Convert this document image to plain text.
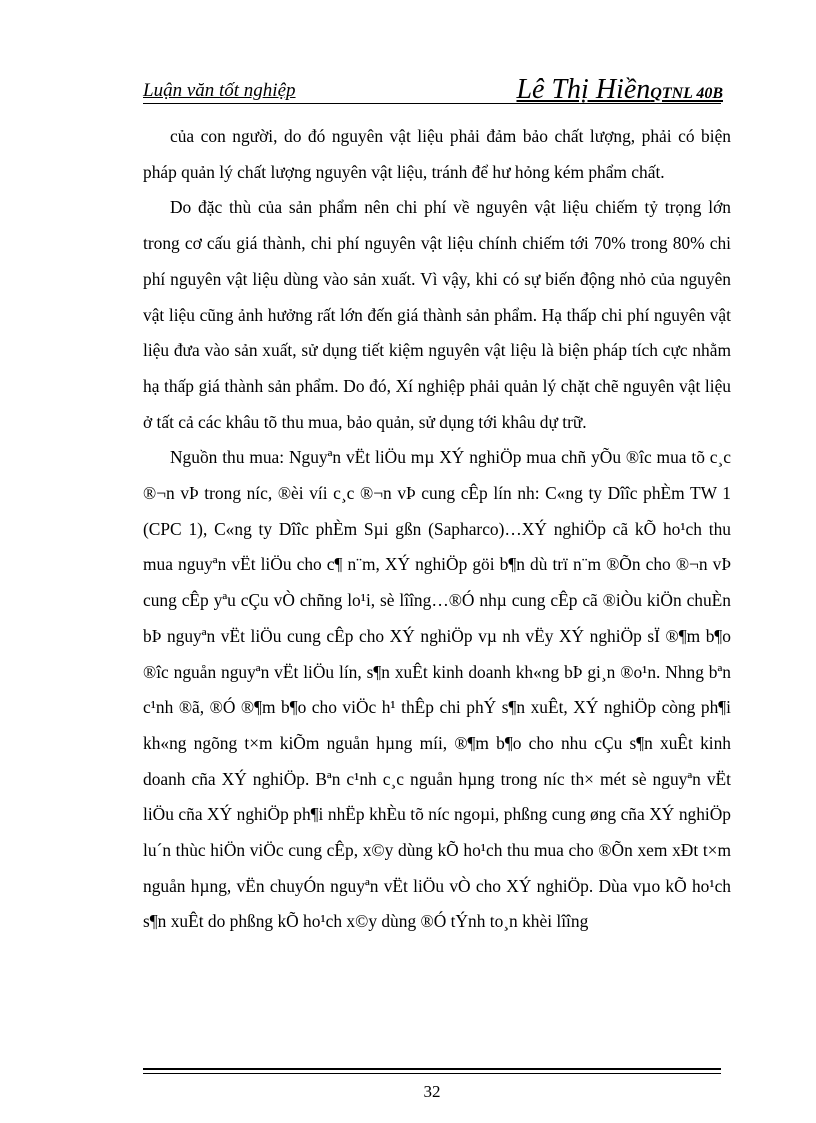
Luận văn tốt nghiệp	Lê Thị HiềnQTNL 40B

của con người, do đó nguyên vật liệu phải đảm bảo chất lượng, phải có biện pháp quản lý chất lượng nguyên vật liệu, tránh để hư hỏng kém phẩm chất.

Do đặc thù của sản phẩm nên chi phí về nguyên vật liệu chiếm tỷ trọng lớn trong cơ cấu giá thành, chi phí nguyên vật liệu chính chiếm tới 70% trong 80% chi phí nguyên vật liệu dùng vào sản xuất. Vì vậy, khi có sự biến động nhỏ của nguyên vật liệu cũng ảnh hưởng rất lớn đến giá thành sản phẩm. Hạ thấp chi phí nguyên vật liệu đưa vào sản xuất, sử dụng tiết kiệm nguyên vật liệu là biện pháp tích cực nhằm hạ thấp giá thành sản phẩm. Do đó, Xí nghiệp phải quản lý chặt chẽ nguyên vật liệu ở tất cả các khâu tõ thu mua, bảo quản, sử dụng tới khâu dự trữ.

Nguồn thu mua: Nguyªn vËt liÖu mµ XÝ nghiÖp mua chñ yÕu ®îc mua tõ c¸c ®¬n vÞ trong níc, ®èi víi c¸c ®¬n vÞ cung cÊp lín nh: C«ng ty Dîîc phÈm TW 1 (CPC 1), C«ng ty Dîîc phÈm Sµi gßn (Sapharco)…XÝ nghiÖp cã kÕ ho¹ch thu mua nguyªn vËt liÖu cho c¶ n¨m, XÝ nghiÖp göi b¶n dù trï n¨m ®Õn cho ®¬n vÞ cung cÊp yªu cÇu vÒ chñng lo¹i, sè lîîng…®Ó nhµ cung cÊp cã ®iÒu kiÖn chuÈn bÞ nguyªn vËt liÖu cung cÊp cho XÝ nghiÖp vµ nh vËy XÝ nghiÖp sÏ ®¶m b¶o ®îc nguån nguyªn vËt liÖu lín, s¶n xuÊt kinh doanh kh«ng bÞ gi¸n ®o¹n. Nhng bªn c¹nh ®ã, ®Ó ®¶m b¶o cho viÖc h¹ thÊp chi phÝ s¶n xuÊt, XÝ nghiÖp còng ph¶i kh«ng ngõng t×m kiÕm nguån hµng míi, ®¶m b¶o cho nhu cÇu s¶n xuÊt kinh doanh cña XÝ nghiÖp. Bªn c¹nh c¸c nguån hµng trong níc th× mét sè nguyªn vËt liÖu cña XÝ nghiÖp ph¶i nhËp khÈu tõ níc ngoµi, phßng cung øng cña XÝ nghiÖp lu´n thùc hiÖn viÖc cung cÊp, x©y dùng kÕ ho¹ch thu mua cho ®Õn xem xÐt t×m nguån hµng, vËn chuyÓn nguyªn vËt liÖu vÒ cho XÝ nghiÖp. Dùa vµo kÕ ho¹ch s¶n xuÊt do phßng kÕ ho¹ch x©y dùng ®Ó tÝnh to¸n khèi lîîng

32
